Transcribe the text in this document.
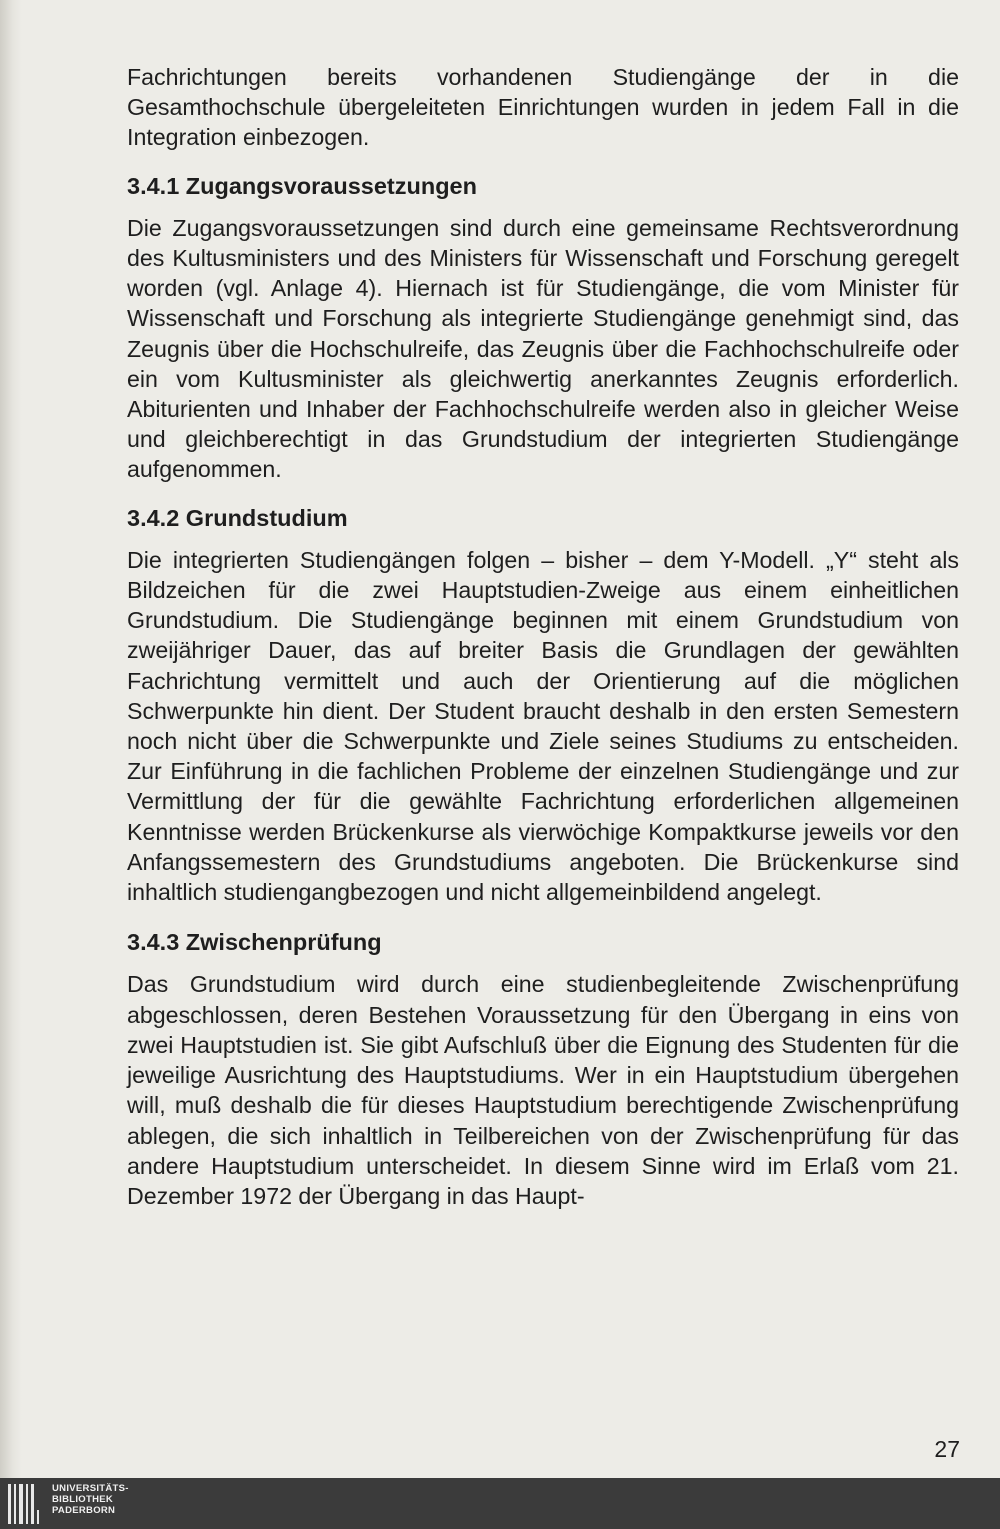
Fachrichtungen bereits vorhandenen Studiengänge der in die Gesamthochschule übergeleiteten Einrichtungen wurden in jedem Fall in die Integration einbezogen.

3.4.1 Zugangsvoraussetzungen

Die Zugangsvoraussetzungen sind durch eine gemeinsame Rechtsverordnung des Kultusministers und des Ministers für Wissenschaft und Forschung geregelt worden (vgl. Anlage 4). Hiernach ist für Studiengänge, die vom Minister für Wissenschaft und Forschung als integrierte Studiengänge genehmigt sind, das Zeugnis über die Hochschulreife, das Zeugnis über die Fachhochschulreife oder ein vom Kultusminister als gleichwertig anerkanntes Zeugnis erforderlich. Abiturienten und Inhaber der Fachhochschulreife werden also in gleicher Weise und gleichberechtigt in das Grundstudium der integrierten Studiengänge aufgenommen.

3.4.2 Grundstudium

Die integrierten Studiengängen folgen – bisher – dem Y-Modell. „Y“ steht als Bildzeichen für die zwei Hauptstudien-Zweige aus einem einheitlichen Grundstudium. Die Studiengänge beginnen mit einem Grundstudium von zweijähriger Dauer, das auf breiter Basis die Grundlagen der gewählten Fachrichtung vermittelt und auch der Orientierung auf die möglichen Schwerpunkte hin dient. Der Student braucht deshalb in den ersten Semestern noch nicht über die Schwerpunkte und Ziele seines Studiums zu entscheiden. Zur Einführung in die fachlichen Probleme der einzelnen Studiengänge und zur Vermittlung der für die gewählte Fachrichtung erforderlichen allgemeinen Kenntnisse werden Brückenkurse als vierwöchige Kompaktkurse jeweils vor den Anfangssemestern des Grundstudiums angeboten. Die Brückenkurse sind inhaltlich studiengangbezogen und nicht allgemeinbildend angelegt.

3.4.3 Zwischenprüfung

Das Grundstudium wird durch eine studienbegleitende Zwischenprüfung abgeschlossen, deren Bestehen Voraussetzung für den Übergang in eins von zwei Hauptstudien ist. Sie gibt Aufschluß über die Eignung des Studenten für die jeweilige Ausrichtung des Hauptstudiums. Wer in ein Hauptstudium übergehen will, muß deshalb die für dieses Hauptstudium berechtigende Zwischenprüfung ablegen, die sich inhaltlich in Teilbereichen von der Zwischenprüfung für das andere Hauptstudium unterscheidet. In diesem Sinne wird im Erlaß vom 21. Dezember 1972 der Übergang in das Haupt-

27
UNIVERSITÄTS-
BIBLIOTHEK
PADERBORN
